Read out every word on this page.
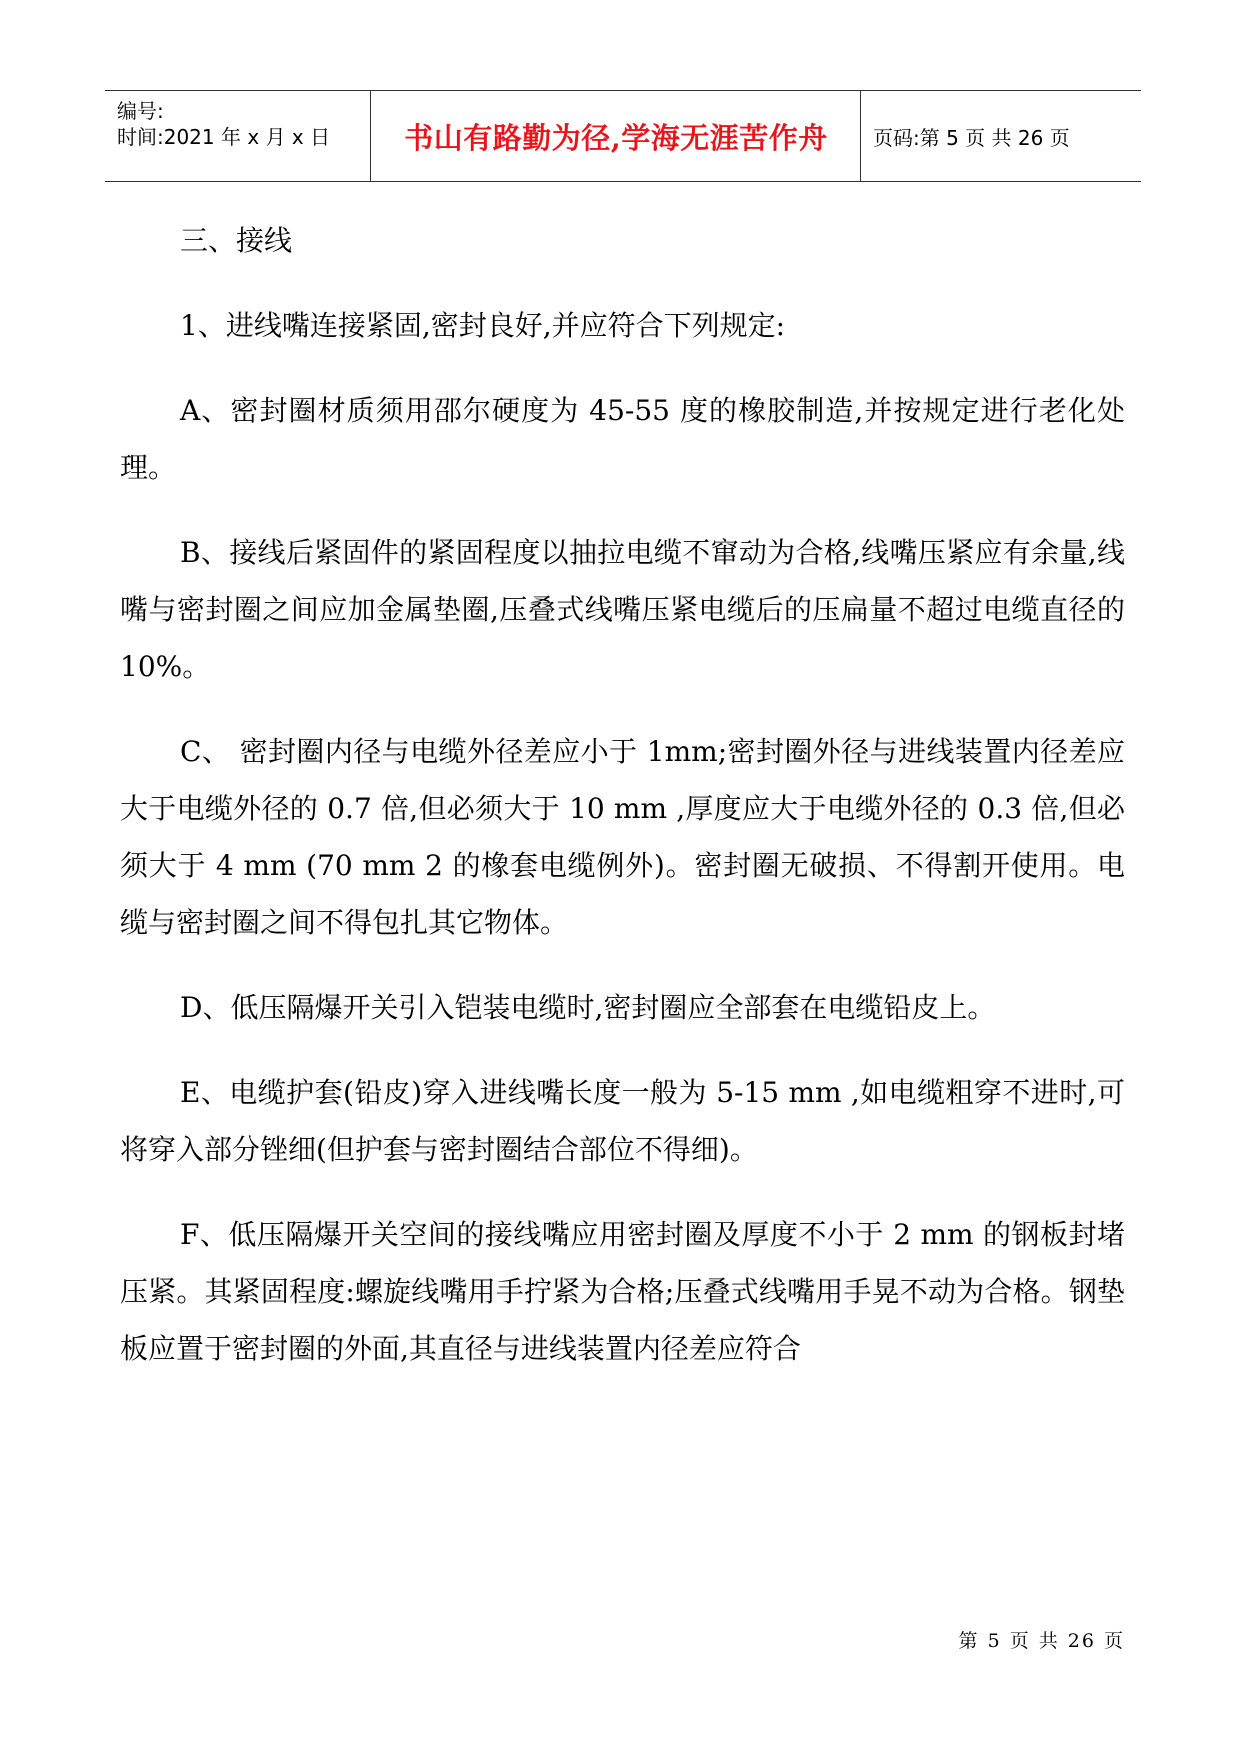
编号:
时间:2021 年 x 月 x 日	书山有路勤为径,学海无涯苦作舟	页码:第 5 页 共 26 页

三、接线

1、进线嘴连接紧固,密封良好,并应符合下列规定:

A、密封圈材质须用邵尔硬度为 45-55 度的橡胶制造,并按规定进行老化处理。

B、接线后紧固件的紧固程度以抽拉电缆不窜动为合格,线嘴压紧应有余量,线嘴与密封圈之间应加金属垫圈,压叠式线嘴压紧电缆后的压扁量不超过电缆直径的 10%。

C、 密封圈内径与电缆外径差应小于 1mm;密封圈外径与进线装置内径差应大于电缆外径的 0.7 倍,但必须大于 10 mm ,厚度应大于电缆外径的 0.3 倍,但必须大于 4 mm (70 mm 2 的橡套电缆例外)。密封圈无破损、不得割开使用。电缆与密封圈之间不得包扎其它物体。

D、低压隔爆开关引入铠装电缆时,密封圈应全部套在电缆铅皮上。

E、电缆护套(铅皮)穿入进线嘴长度一般为 5-15 mm ,如电缆粗穿不进时,可将穿入部分锉细(但护套与密封圈结合部位不得细)。

F、低压隔爆开关空间的接线嘴应用密封圈及厚度不小于 2 mm 的钢板封堵压紧。其紧固程度:螺旋线嘴用手拧紧为合格;压叠式线嘴用手晃不动为合格。钢垫板应置于密封圈的外面,其直径与进线装置内径差应符合

第 5 页 共 26 页
